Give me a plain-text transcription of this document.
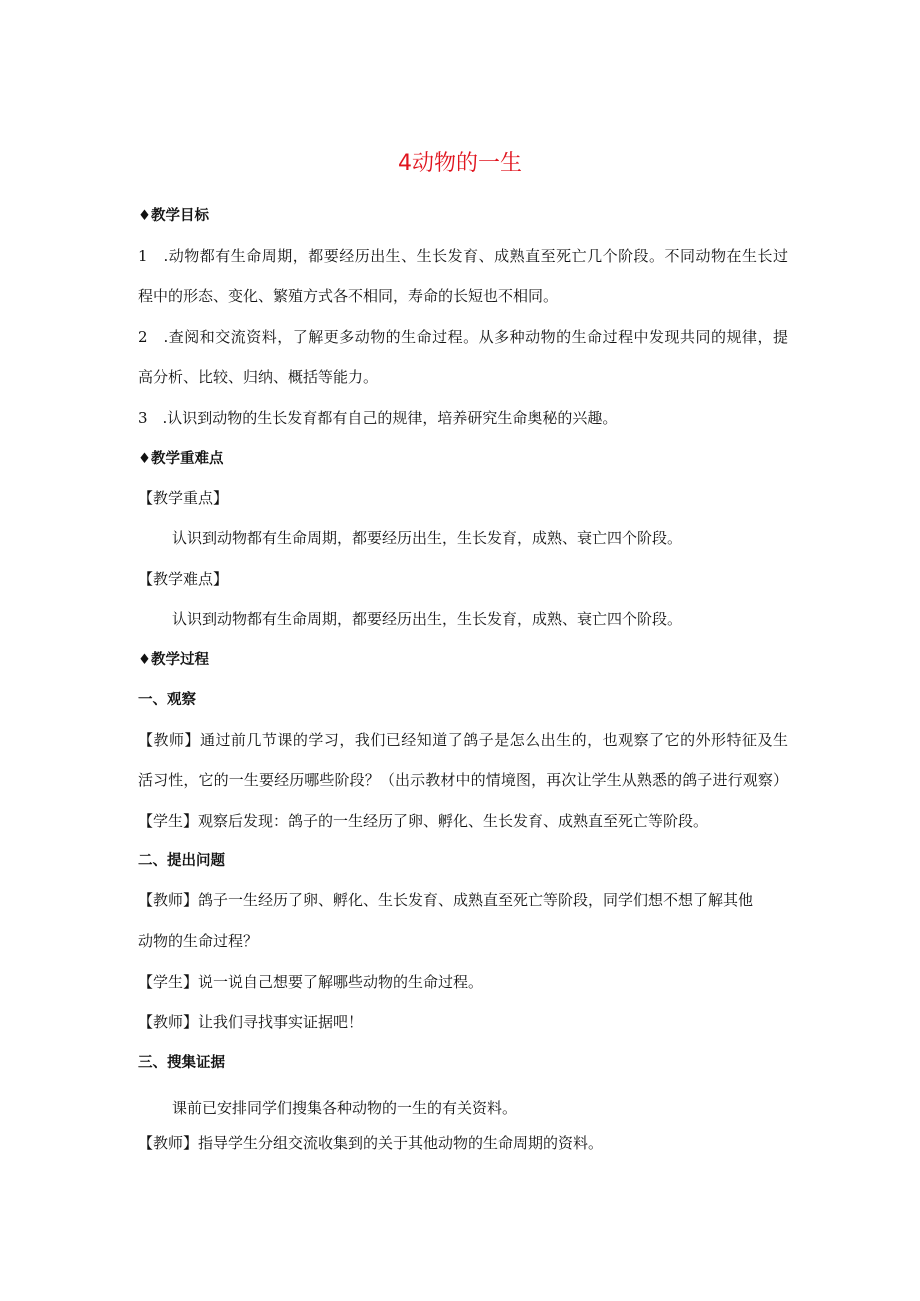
4动物的一生
♦教学目标
1　.动物都有生命周期，都要经历出生、生长发育、成熟直至死亡几个阶段。不同动物在生长过
程中的形态、变化、繁殖方式各不相同，寿命的长短也不相同。
2　.查阅和交流资料，了解更多动物的生命过程。从多种动物的生命过程中发现共同的规律，提
高分析、比较、归纳、概括等能力。
3　.认识到动物的生长发育都有自己的规律，培养研究生命奥秘的兴趣。
♦教学重难点
【教学重点】
认识到动物都有生命周期，都要经历出生，生长发育，成熟、衰亡四个阶段。
【教学难点】
认识到动物都有生命周期，都要经历出生，生长发育，成熟、衰亡四个阶段。
♦教学过程
一、观察
【教师】通过前几节课的学习，我们已经知道了鸽子是怎么出生的，也观察了它的外形特征及生
活习性，它的一生要经历哪些阶段？（出示教材中的情境图，再次让学生从熟悉的鸽子进行观察）
【学生】观察后发现：鸽子的一生经历了卵、孵化、生长发育、成熟直至死亡等阶段。
二、提出问题
【教师】鸽子一生经历了卵、孵化、生长发育、成熟直至死亡等阶段，同学们想不想了解其他
动物的生命过程？
【学生】说一说自己想要了解哪些动物的生命过程。
【教师】让我们寻找事实证据吧！
三、搜集证据
课前已安排同学们搜集各种动物的一生的有关资料。
【教师】指导学生分组交流收集到的关于其他动物的生命周期的资料。
